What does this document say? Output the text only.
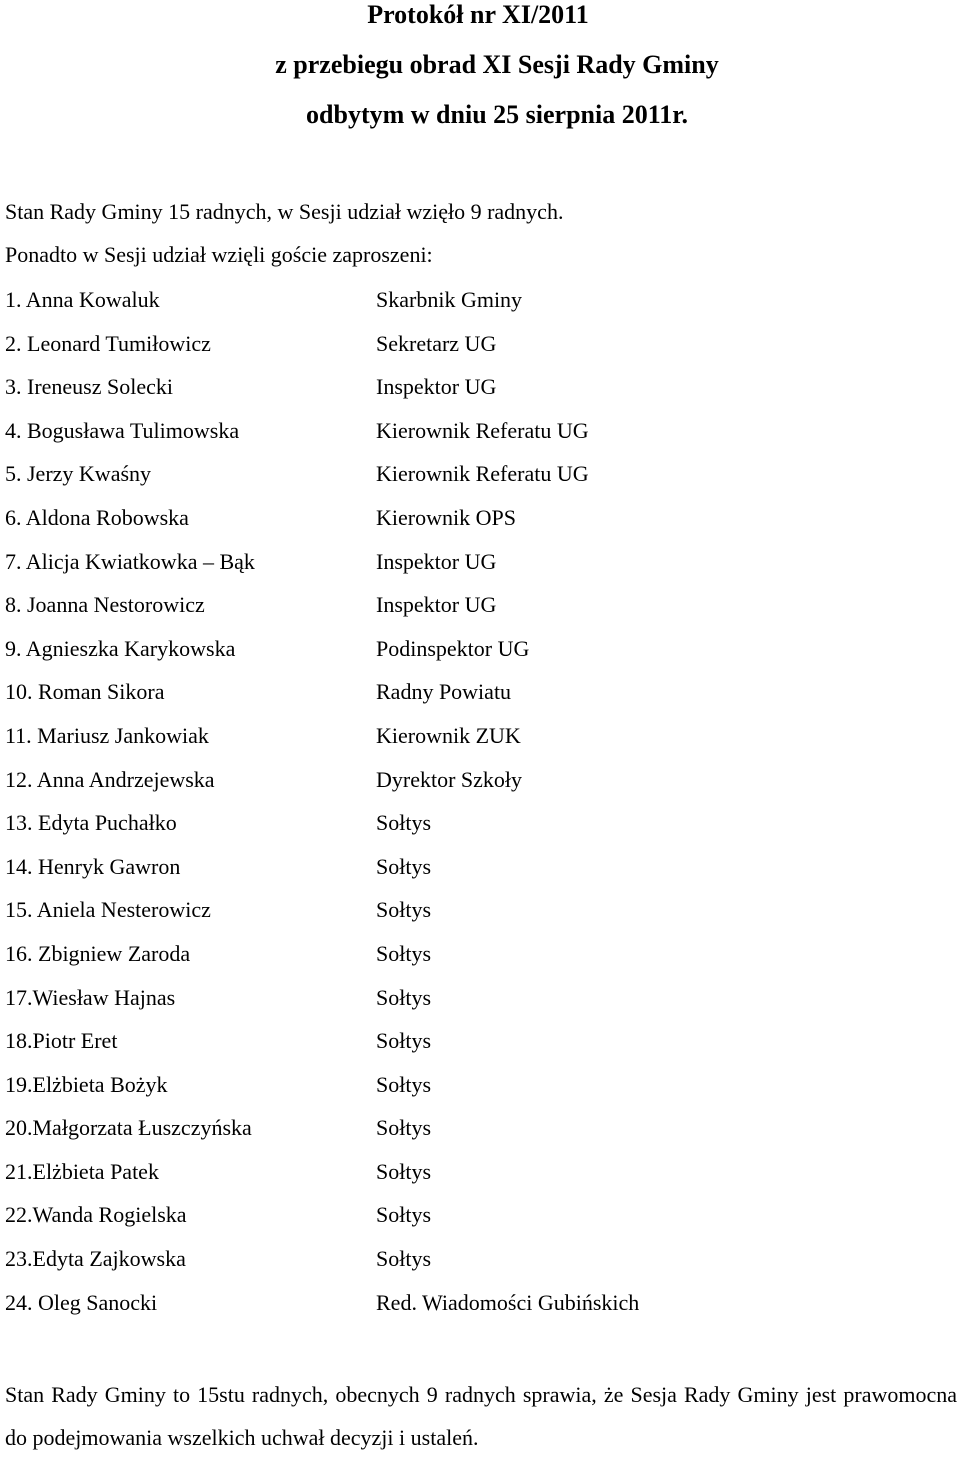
Protokół nr XI/2011
z przebiegu obrad XI Sesji Rady Gminy
odbytym w dniu 25 sierpnia 2011r.
Stan Rady Gminy 15 radnych, w Sesji udział wzięło 9 radnych.
Ponadto w Sesji udział wzięli goście zaproszeni:
1. Anna Kowaluk	Skarbnik Gminy
2. Leonard Tumiłowicz	Sekretarz UG
3. Ireneusz Solecki	Inspektor UG
4. Bogusława Tulimowska	Kierownik Referatu UG
5. Jerzy Kwaśny	Kierownik Referatu UG
6. Aldona Robowska	Kierownik OPS
7. Alicja Kwiatkowka – Bąk	Inspektor UG
8. Joanna Nestorowicz	Inspektor UG
9. Agnieszka Karykowska	Podinspektor UG
10. Roman Sikora	Radny Powiatu
11. Mariusz Jankowiak	Kierownik ZUK
12. Anna Andrzejewska	Dyrektor Szkoły
13. Edyta Puchałko	Sołtys
14. Henryk Gawron	Sołtys
15. Aniela Nesterowicz	Sołtys
16. Zbigniew Zaroda	Sołtys
17.Wiesław Hajnas	Sołtys
18.Piotr Eret	Sołtys
19.Elżbieta Bożyk	Sołtys
20.Małgorzata Łuszczyńska	Sołtys
21.Elżbieta Patek	Sołtys
22.Wanda Rogielska	Sołtys
23.Edyta Zajkowska	Sołtys
24. Oleg Sanocki	Red. Wiadomości Gubińskich
Stan Rady Gminy to 15stu radnych, obecnych 9 radnych sprawia, że Sesja Rady Gminy jest prawomocna do podejmowania wszelkich uchwał decyzji i ustaleń.
